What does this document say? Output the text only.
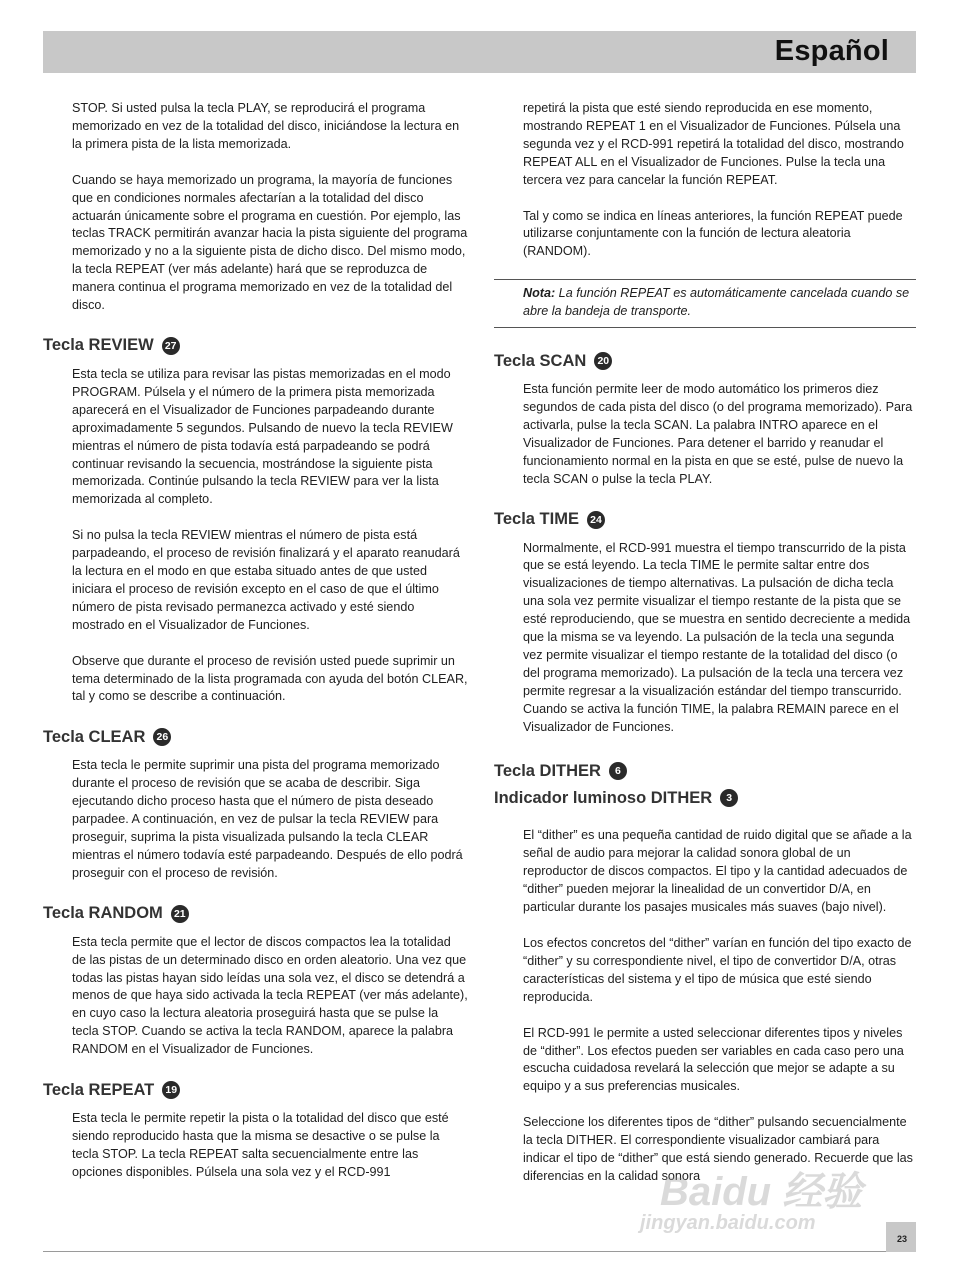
Español

STOP. Si usted pulsa la tecla PLAY, se reproducirá el programa memorizado en vez de la totalidad del disco, iniciándose la lectura en la primera pista de la lista memorizada.

Cuando se haya memorizado un programa, la mayoría de funciones que en condiciones normales afectarían a la totalidad del disco actuarán únicamente sobre el programa en cuestión. Por ejemplo, las teclas TRACK permitirán avanzar hacia la pista siguiente del programa memorizado y no a la siguiente pista de dicho disco. Del mismo modo, la tecla REPEAT (ver más adelante) hará que se reproduzca de manera continua el programa memorizado en vez de la totalidad del disco.

Tecla REVIEW	27

Esta tecla se utiliza para revisar las pistas memorizadas en el modo PROGRAM. Púlsela y el número de la primera pista memorizada aparecerá en el Visualizador de Funciones parpadeando durante aproximadamente 5 segundos. Pulsando de nuevo la tecla REVIEW mientras el número de pista todavía está parpadeando se podrá continuar revisando la secuencia, mostrándose la siguiente pista memorizada. Continúe pulsando la tecla REVIEW para ver la lista memorizada al completo.

Si no pulsa la tecla REVIEW mientras el número de pista está parpadeando, el proceso de revisión finalizará y el aparato reanudará la lectura en el modo en que estaba situado antes de que usted iniciara el proceso de revisión excepto en el caso de que el último número de pista revisado permanezca activado y esté siendo mostrado en el Visualizador de Funciones.

Observe que durante el proceso de revisión usted puede suprimir un tema determinado de la lista programada con ayuda del botón CLEAR, tal y como se describe a continuación.

Tecla CLEAR	26

Esta tecla le permite suprimir una pista del programa memorizado durante el proceso de revisión que se acaba de describir. Siga ejecutando dicho proceso hasta que el número de pista deseado parpadee. A continuación, en vez de pulsar la tecla REVIEW para proseguir, suprima la pista visualizada pulsando la tecla CLEAR mientras el número todavía esté parpadeando. Después de ello podrá proseguir con el proceso de revisión.

Tecla RANDOM	21

Esta tecla permite que el lector de discos compactos lea la totalidad de las pistas de un determinado disco en orden aleatorio. Una vez que todas las pistas hayan sido leídas una sola vez, el disco se detendrá a menos de que haya sido activada la tecla REPEAT (ver más adelante), en cuyo caso la lectura aleatoria proseguirá hasta que se pulse la tecla STOP. Cuando se activa la tecla RANDOM, aparece la palabra RANDOM en el Visualizador de Funciones.

Tecla REPEAT	19

Esta tecla le permite repetir la pista o la totalidad del disco que esté siendo reproducido hasta que la misma se desactive o se pulse la tecla STOP. La tecla REPEAT salta secuencialmente entre las opciones disponibles. Púlsela una sola vez y el RCD-991

repetirá la pista que esté siendo reproducida en ese momento, mostrando REPEAT 1 en el Visualizador de Funciones. Púlsela una segunda vez y el RCD-991 repetirá la totalidad del disco, mostrando REPEAT ALL en el Visualizador de Funciones. Pulse la tecla una tercera vez para cancelar la función REPEAT.

Tal y como se indica en líneas anteriores, la función REPEAT puede utilizarse conjuntamente con la función de lectura aleatoria (RANDOM).

Nota: La función REPEAT es automáticamente cancelada cuando se abre la bandeja de transporte.
Tecla SCAN	20

Esta función permite leer de modo automático los primeros diez segundos de cada pista del disco (o del programa memorizado). Para activarla, pulse la tecla SCAN. La palabra INTRO aparece en el Visualizador de Funciones. Para detener el barrido y reanudar el funcionamiento normal en la pista en que se esté, pulse de nuevo la tecla SCAN o pulse la tecla PLAY.

Tecla TIME	24

Normalmente, el RCD-991 muestra el tiempo transcurrido de la pista que se está leyendo. La tecla TIME le permite saltar entre dos visualizaciones de tiempo alternativas. La pulsación de dicha tecla una sola vez permite visualizar el tiempo restante de la pista que se esté reproduciendo, que se muestra en sentido decreciente a medida que la misma se va leyendo. La pulsación de la tecla una segunda vez permite visualizar el tiempo restante de la totalidad del disco (o del programa memorizado). La pulsación de la tecla una tercera vez permite regresar a la visualización estándar del tiempo transcurrido. Cuando se activa la función TIME, la palabra REMAIN parece en el Visualizador de Funciones.

Tecla DITHER	6
Indicador luminoso DITHER	3

El “dither” es una pequeña cantidad de ruido digital que se añade a la señal de audio para mejorar la calidad sonora global de un reproductor de discos compactos. El tipo y la cantidad adecuados de “dither” pueden mejorar la linealidad de un convertidor D/A, en particular durante los pasajes musicales más suaves (bajo nivel).

Los efectos concretos del “dither” varían en función del tipo exacto de “dither” y su correspondiente nivel, el tipo de convertidor D/A, otras características del sistema y el tipo de música que esté siendo reproducida.

El RCD-991 le permite a usted seleccionar diferentes tipos y niveles de “dither”. Los efectos pueden ser variables en cada caso pero una escucha cuidadosa revelará la selección que mejor se adapte a su equipo y a sus preferencias musicales.

Seleccione los diferentes tipos de “dither” pulsando secuencialmente la tecla DITHER. El correspondiente visualizador cambiará para indicar el tipo de “dither” que está siendo generado. Recuerde que las diferencias en la calidad sonora

Baidu 经验
jingyan.baidu.com
23
